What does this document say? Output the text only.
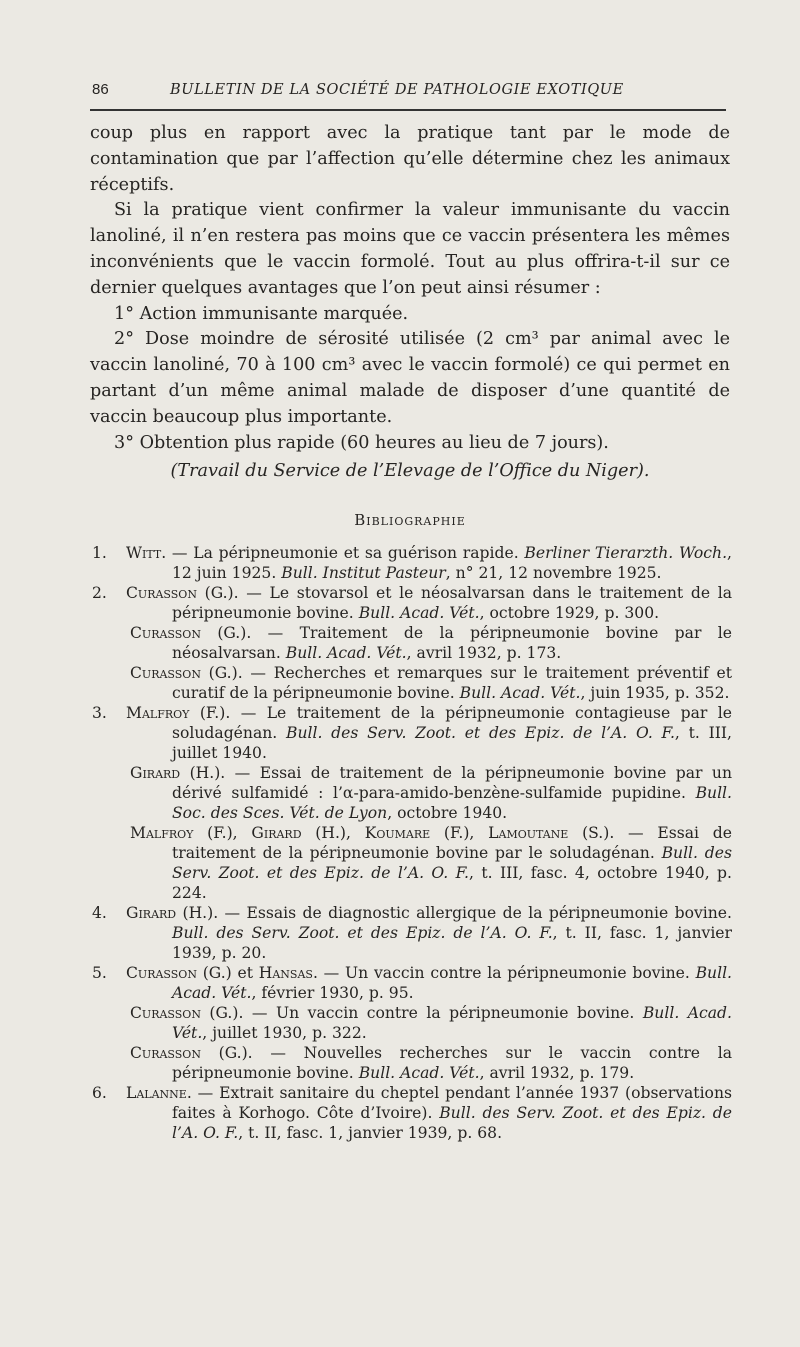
86	BULLETIN DE LA SOCIÉTÉ DE PATHOLOGIE EXOTIQUE

coup plus en rapport avec la pratique tant par le mode de contamination que par l’affection qu’elle détermine chez les animaux réceptifs.

Si la pratique vient confirmer la valeur immunisante du vaccin lanoliné, il n’en restera pas moins que ce vaccin présentera les mêmes inconvénients que le vaccin formolé. Tout au plus offrira-t-il sur ce dernier quelques avantages que l’on peut ainsi résumer :

1° Action immunisante marquée.

2° Dose moindre de sérosité utilisée (2 cm³ par animal avec le vaccin lanoliné, 70 à 100 cm³ avec le vaccin formolé) ce qui permet en partant d’un même animal malade de disposer d’une quantité de vaccin beaucoup plus importante.

3° Obtention plus rapide (60 heures au lieu de 7 jours).

(Travail du Service de l’Elevage de l’Office du Niger).

Bibliographie

1. Witt. — La péripneumonie et sa guérison rapide. Berliner Tierarzth. Woch., 12 juin 1925. Bull. Institut Pasteur, n° 21, 12 novembre 1925.

2. Curasson (G.). — Le stovarsol et le néosalvarsan dans le traitement de la péripneumonie bovine. Bull. Acad. Vét., octobre 1929, p. 300.

Curasson (G.). — Traitement de la péripneumonie bovine par le néosalvarsan. Bull. Acad. Vét., avril 1932, p. 173.

Curasson (G.). — Recherches et remarques sur le traitement préventif et curatif de la péripneumonie bovine. Bull. Acad. Vét., juin 1935, p. 352.

3. Malfroy (F.). — Le traitement de la péripneumonie contagieuse par le soludagénan. Bull. des Serv. Zoot. et des Epiz. de l’A. O. F., t. III, juillet 1940.

Girard (H.). — Essai de traitement de la péripneumonie bovine par un dérivé sulfamidé : l’α-para-amido-benzène-sulfamide pupidine. Bull. Soc. des Sces. Vét. de Lyon, octobre 1940.

Malfroy (F.), Girard (H.), Koumare (F.), Lamoutane (S.). — Essai de traitement de la péripneumonie bovine par le soludagénan. Bull. des Serv. Zoot. et des Epiz. de l’A. O. F., t. III, fasc. 4, octobre 1940, p. 224.

4. Girard (H.). — Essais de diagnostic allergique de la péripneumonie bovine. Bull. des Serv. Zoot. et des Epiz. de l’A. O. F., t. II, fasc. 1, janvier 1939, p. 20.

5. Curasson (G.) et Hansas. — Un vaccin contre la péripneumonie bovine. Bull. Acad. Vét., février 1930, p. 95.

Curasson (G.). — Un vaccin contre la péripneumonie bovine. Bull. Acad. Vét., juillet 1930, p. 322.

Curasson (G.). — Nouvelles recherches sur le vaccin contre la péripneumonie bovine. Bull. Acad. Vét., avril 1932, p. 179.

6. Lalanne. — Extrait sanitaire du cheptel pendant l’année 1937 (observations faites à Korhogo. Côte d’Ivoire). Bull. des Serv. Zoot. et des Epiz. de l’A. O. F., t. II, fasc. 1, janvier 1939, p. 68.
